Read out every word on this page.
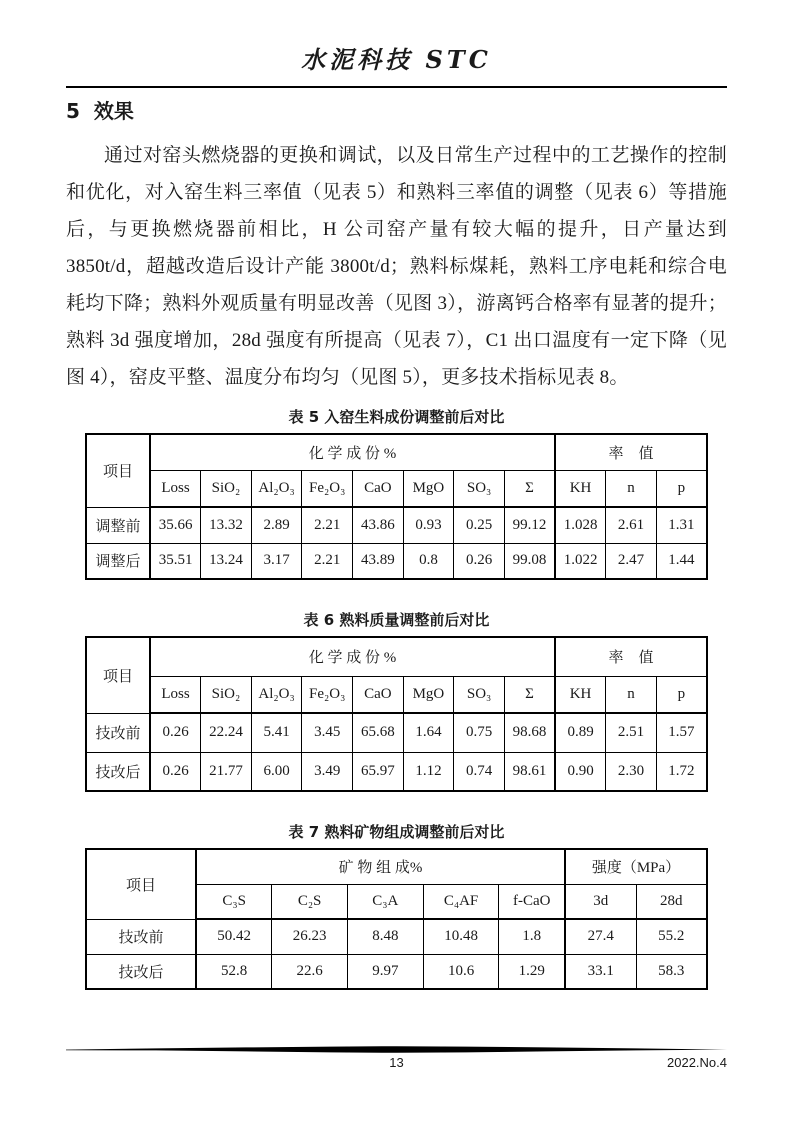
水泥科技 STC
5 效果
通过对窑头燃烧器的更换和调试，以及日常生产过程中的工艺操作的控制和优化，对入窑生料三率值（见表 5）和熟料三率值的调整（见表 6）等措施后，与更换燃烧器前相比，H 公司窑产量有较大幅的提升，日产量达到 3850t/d，超越改造后设计产能 3800t/d；熟料标煤耗，熟料工序电耗和综合电耗均下降；熟料外观质量有明显改善（见图 3），游离钙合格率有显著的提升；熟料 3d 强度增加，28d 强度有所提高（见表 7），C1 出口温度有一定下降（见图 4），窑皮平整、温度分布均匀（见图 5），更多技术指标见表 8。
表 5 入窑生料成份调整前后对比
项目	化 学 成 份 %								率　值		
	Loss	SiO₂	Al₂O₃	Fe₂O₃	CaO	MgO	SO₃	Σ	KH	n	p
调整前	35.66	13.32	2.89	2.21	43.86	0.93	0.25	99.12	1.028	2.61	1.31
调整后	35.51	13.24	3.17	2.21	43.89	0.8	0.26	99.08	1.022	2.47	1.44
表 6 熟料质量调整前后对比
项目	化 学 成 份 %								率　值		
	Loss	SiO₂	Al₂O₃	Fe₂O₃	CaO	MgO	SO₃	Σ	KH	n	p
技改前	0.26	22.24	5.41	3.45	65.68	1.64	0.75	98.68	0.89	2.51	1.57
技改后	0.26	21.77	6.00	3.49	65.97	1.12	0.74	98.61	0.90	2.30	1.72
表 7 熟料矿物组成调整前后对比
项目	矿 物 组 成%					强度（MPa）	
	C₃S	C₂S	C₃A	C₄AF	f-CaO	3d	28d
技改前	50.42	26.23	8.48	10.48	1.8	27.4	55.2
技改后	52.8	22.6	9.97	10.6	1.29	33.1	58.3
13	2022.No.4
